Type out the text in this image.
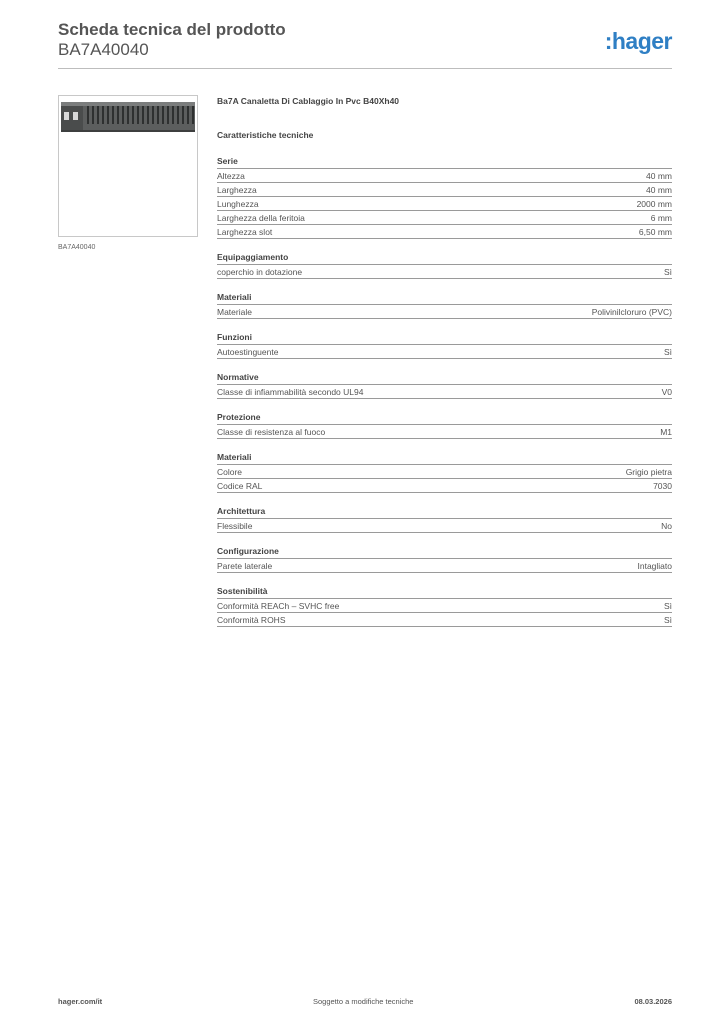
Scheda tecnica del prodotto
BA7A40040	:hager
BA7A40040
Ba7A Canaletta Di Cablaggio In Pvc B40Xh40
Caratteristiche tecniche
Serie
Altezza	40 mm
Larghezza	40 mm
Lunghezza	2000 mm
Larghezza della feritoia	6 mm
Larghezza slot	6,50 mm
Equipaggiamento
coperchio in dotazione	Sì
Materiali
Materiale	Polivinilcloruro (PVC)
Funzioni
Autoestinguente	Sì
Normative
Classe di infiammabilità secondo UL94	V0
Protezione
Classe di resistenza al fuoco	M1
Materiali
Colore	Grigio pietra
Codice RAL	7030
Architettura
Flessibile	No
Configurazione
Parete laterale	Intagliato
Sostenibilità
Conformità REACh – SVHC free	Sì
Conformità ROHS	Sì
hager.com/it	Soggetto a modifiche tecniche	08.03.2026
